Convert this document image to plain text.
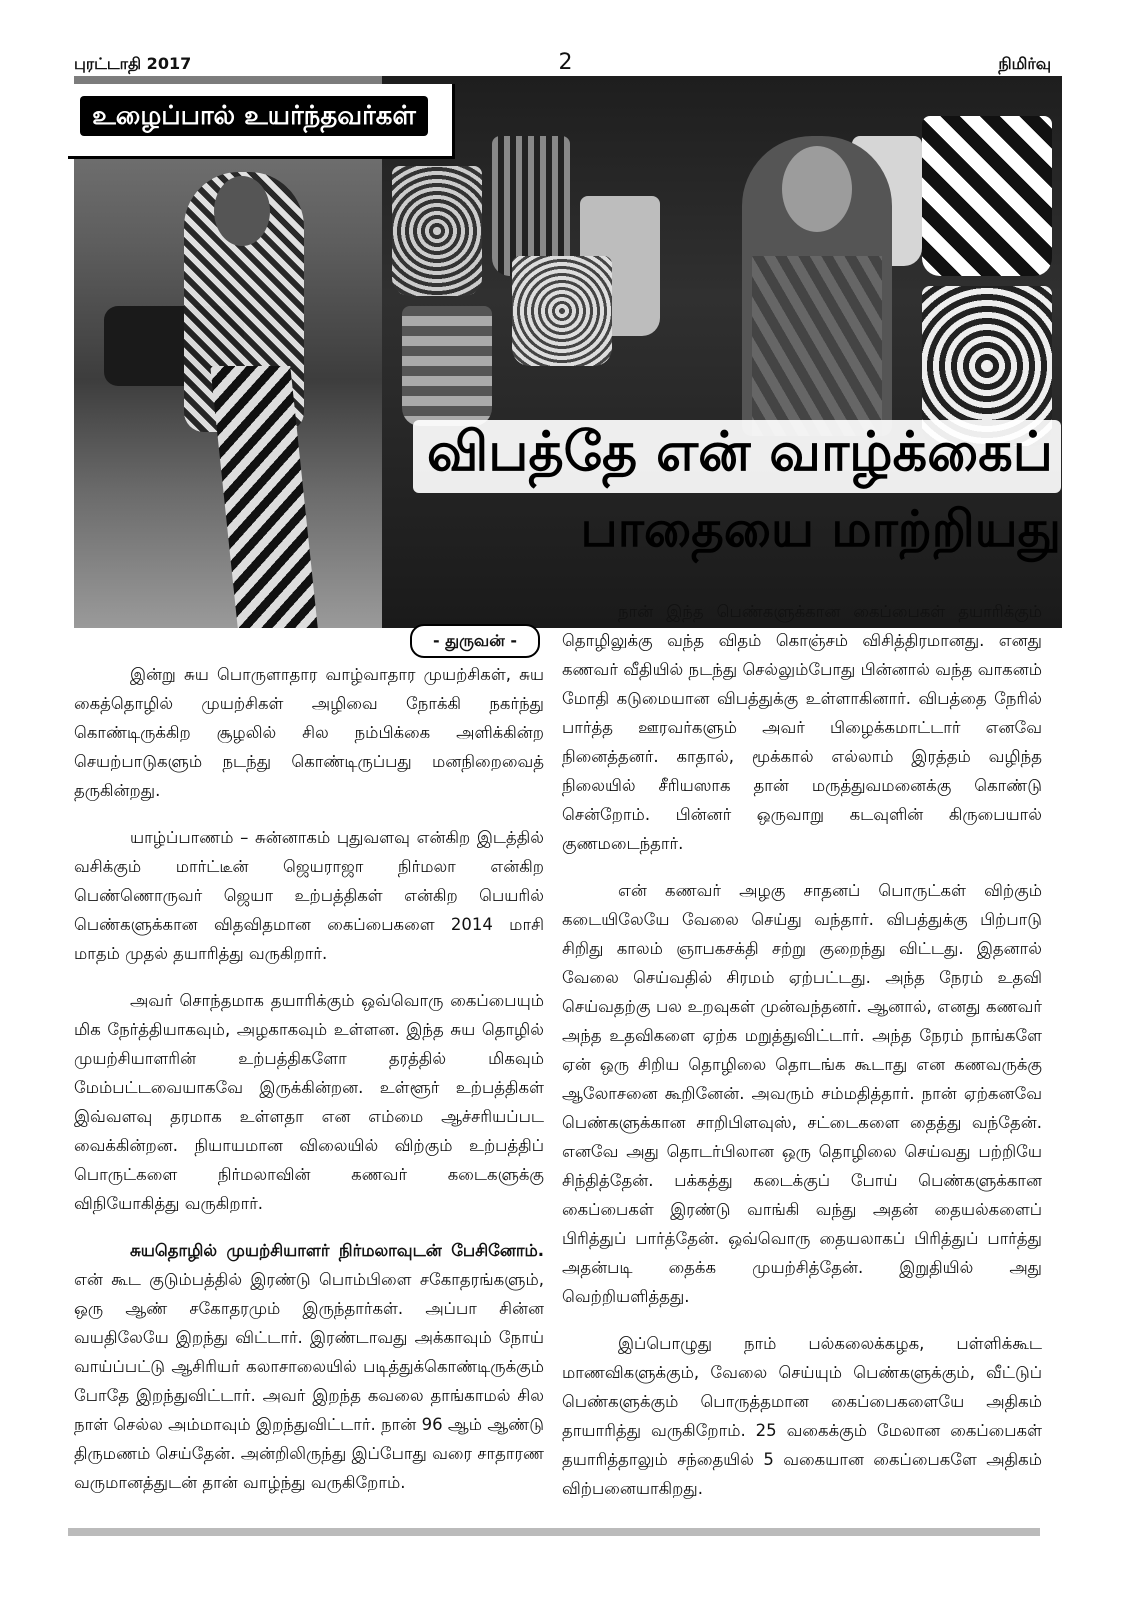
புரட்டாதி 2017	2	நிமிர்வு
உழைப்பால் உயர்ந்தவர்கள்
விபத்தே என் வாழ்க்கைப்
பாதையை மாற்றியது
- துருவன் -

இன்று சுய பொருளாதார வாழ்வாதார முயற்சிகள், சுய கைத்தொழில் முயற்சிகள் அழிவை நோக்கி நகர்ந்து கொண்டிருக்கிற சூழலில் சில நம்பிக்கை அளிக்கின்ற செயற்பாடுகளும் நடந்து கொண்டிருப்பது மனநிறைவைத் தருகின்றது.

யாழ்ப்பாணம் – சுன்னாகம் புதுவளவு என்கிற இடத்தில் வசிக்கும் மார்ட்டீன் ஜெயராஜா நிர்மலா என்கிற பெண்ணொருவர் ஜெயா உற்பத்திகள் என்கிற பெயரில் பெண்களுக்கான விதவிதமான கைப்பைகளை 2014 மாசி மாதம் முதல் தயாரித்து வருகிறார்.

அவர் சொந்தமாக தயாரிக்கும் ஒவ்வொரு கைப்பையும் மிக நேர்த்தியாகவும், அழகாகவும் உள்ளன. இந்த சுய தொழில் முயற்சியாளரின் உற்பத்திகளோ தரத்தில் மிகவும் மேம்பட்டவையாகவே இருக்கின்றன. உள்ளூர் உற்பத்திகள் இவ்வளவு தரமாக உள்ளதா என எம்மை ஆச்சரியப்பட வைக்கின்றன. நியாயமான விலையில் விற்கும் உற்பத்திப் பொருட்களை நிர்மலாவின் கணவர் கடைகளுக்கு விநியோகித்து வருகிறார்.

சுயதொழில் முயற்சியாளர் நிர்மலாவுடன் பேசினோம். என் கூட குடும்பத்தில் இரண்டு பொம்பிளை சகோதரங்களும், ஒரு ஆண் சகோதரமும் இருந்தார்கள். அப்பா சின்ன வயதிலேயே இறந்து விட்டார். இரண்டாவது அக்காவும் நோய் வாய்ப்பட்டு ஆசிரியர் கலாசாலையில் படித்துக்கொண்டிருக்கும் போதே இறந்துவிட்டார். அவர் இறந்த கவலை தாங்காமல் சில நாள் செல்ல அம்மாவும் இறந்துவிட்டார். நான் 96 ஆம் ஆண்டு திருமணம் செய்தேன். அன்றிலிருந்து இப்போது வரை சாதாரண வருமானத்துடன் தான் வாழ்ந்து வருகிறோம்.

நான் இந்த பெண்களுக்கான கைப்பைகள் தயாரிக்கும் தொழிலுக்கு வந்த விதம் கொஞ்சம் விசித்திரமானது. எனது கணவர் வீதியில் நடந்து செல்லும்போது பின்னால் வந்த வாகனம் மோதி கடுமையான விபத்துக்கு உள்ளாகினார். விபத்தை நேரில் பார்த்த ஊரவர்களும் அவர் பிழைக்கமாட்டார் எனவே நினைத்தனர். காதால், மூக்கால் எல்லாம் இரத்தம் வழிந்த நிலையில் சீரியஸாக தான் மருத்துவமனைக்கு கொண்டு சென்றோம். பின்னர் ஒருவாறு கடவுளின் கிருபையால் குணமடைந்தார்.

என் கணவர் அழகு சாதனப் பொருட்கள் விற்கும் கடையிலேயே வேலை செய்து வந்தார். விபத்துக்கு பிற்பாடு சிறிது காலம் ஞாபகசக்தி சற்று குறைந்து விட்டது. இதனால் வேலை செய்வதில் சிரமம் ஏற்பட்டது. அந்த நேரம் உதவி செய்வதற்கு பல உறவுகள் முன்வந்தனர். ஆனால், எனது கணவர் அந்த உதவிகளை ஏற்க மறுத்துவிட்டார். அந்த நேரம் நாங்களே ஏன் ஒரு சிறிய தொழிலை தொடங்க கூடாது என கணவருக்கு ஆலோசனை கூறினேன். அவரும் சம்மதித்தார். நான் ஏற்கனவே பெண்களுக்கான சாறிபிளவுஸ், சட்டைகளை தைத்து வந்தேன். எனவே அது தொடர்பிலான ஒரு தொழிலை செய்வது பற்றியே சிந்தித்தேன். பக்கத்து கடைக்குப் போய் பெண்களுக்கான கைப்பைகள் இரண்டு வாங்கி வந்து அதன் தையல்களைப் பிரித்துப் பார்த்தேன். ஒவ்வொரு தையலாகப் பிரித்துப் பார்த்து அதன்படி தைக்க முயற்சித்தேன். இறுதியில் அது வெற்றியளித்தது.

இப்பொழுது நாம் பல்கலைக்கழக, பள்ளிக்கூட மாணவிகளுக்கும், வேலை செய்யும் பெண்களுக்கும், வீட்டுப் பெண்களுக்கும் பொருத்தமான கைப்பைகளையே அதிகம் தாயாரித்து வருகிறோம். 25 வகைக்கும் மேலான கைப்பைகள் தயாரித்தாலும் சந்தையில் 5 வகையான கைப்பைகளே அதிகம் விற்பனையாகிறது.
